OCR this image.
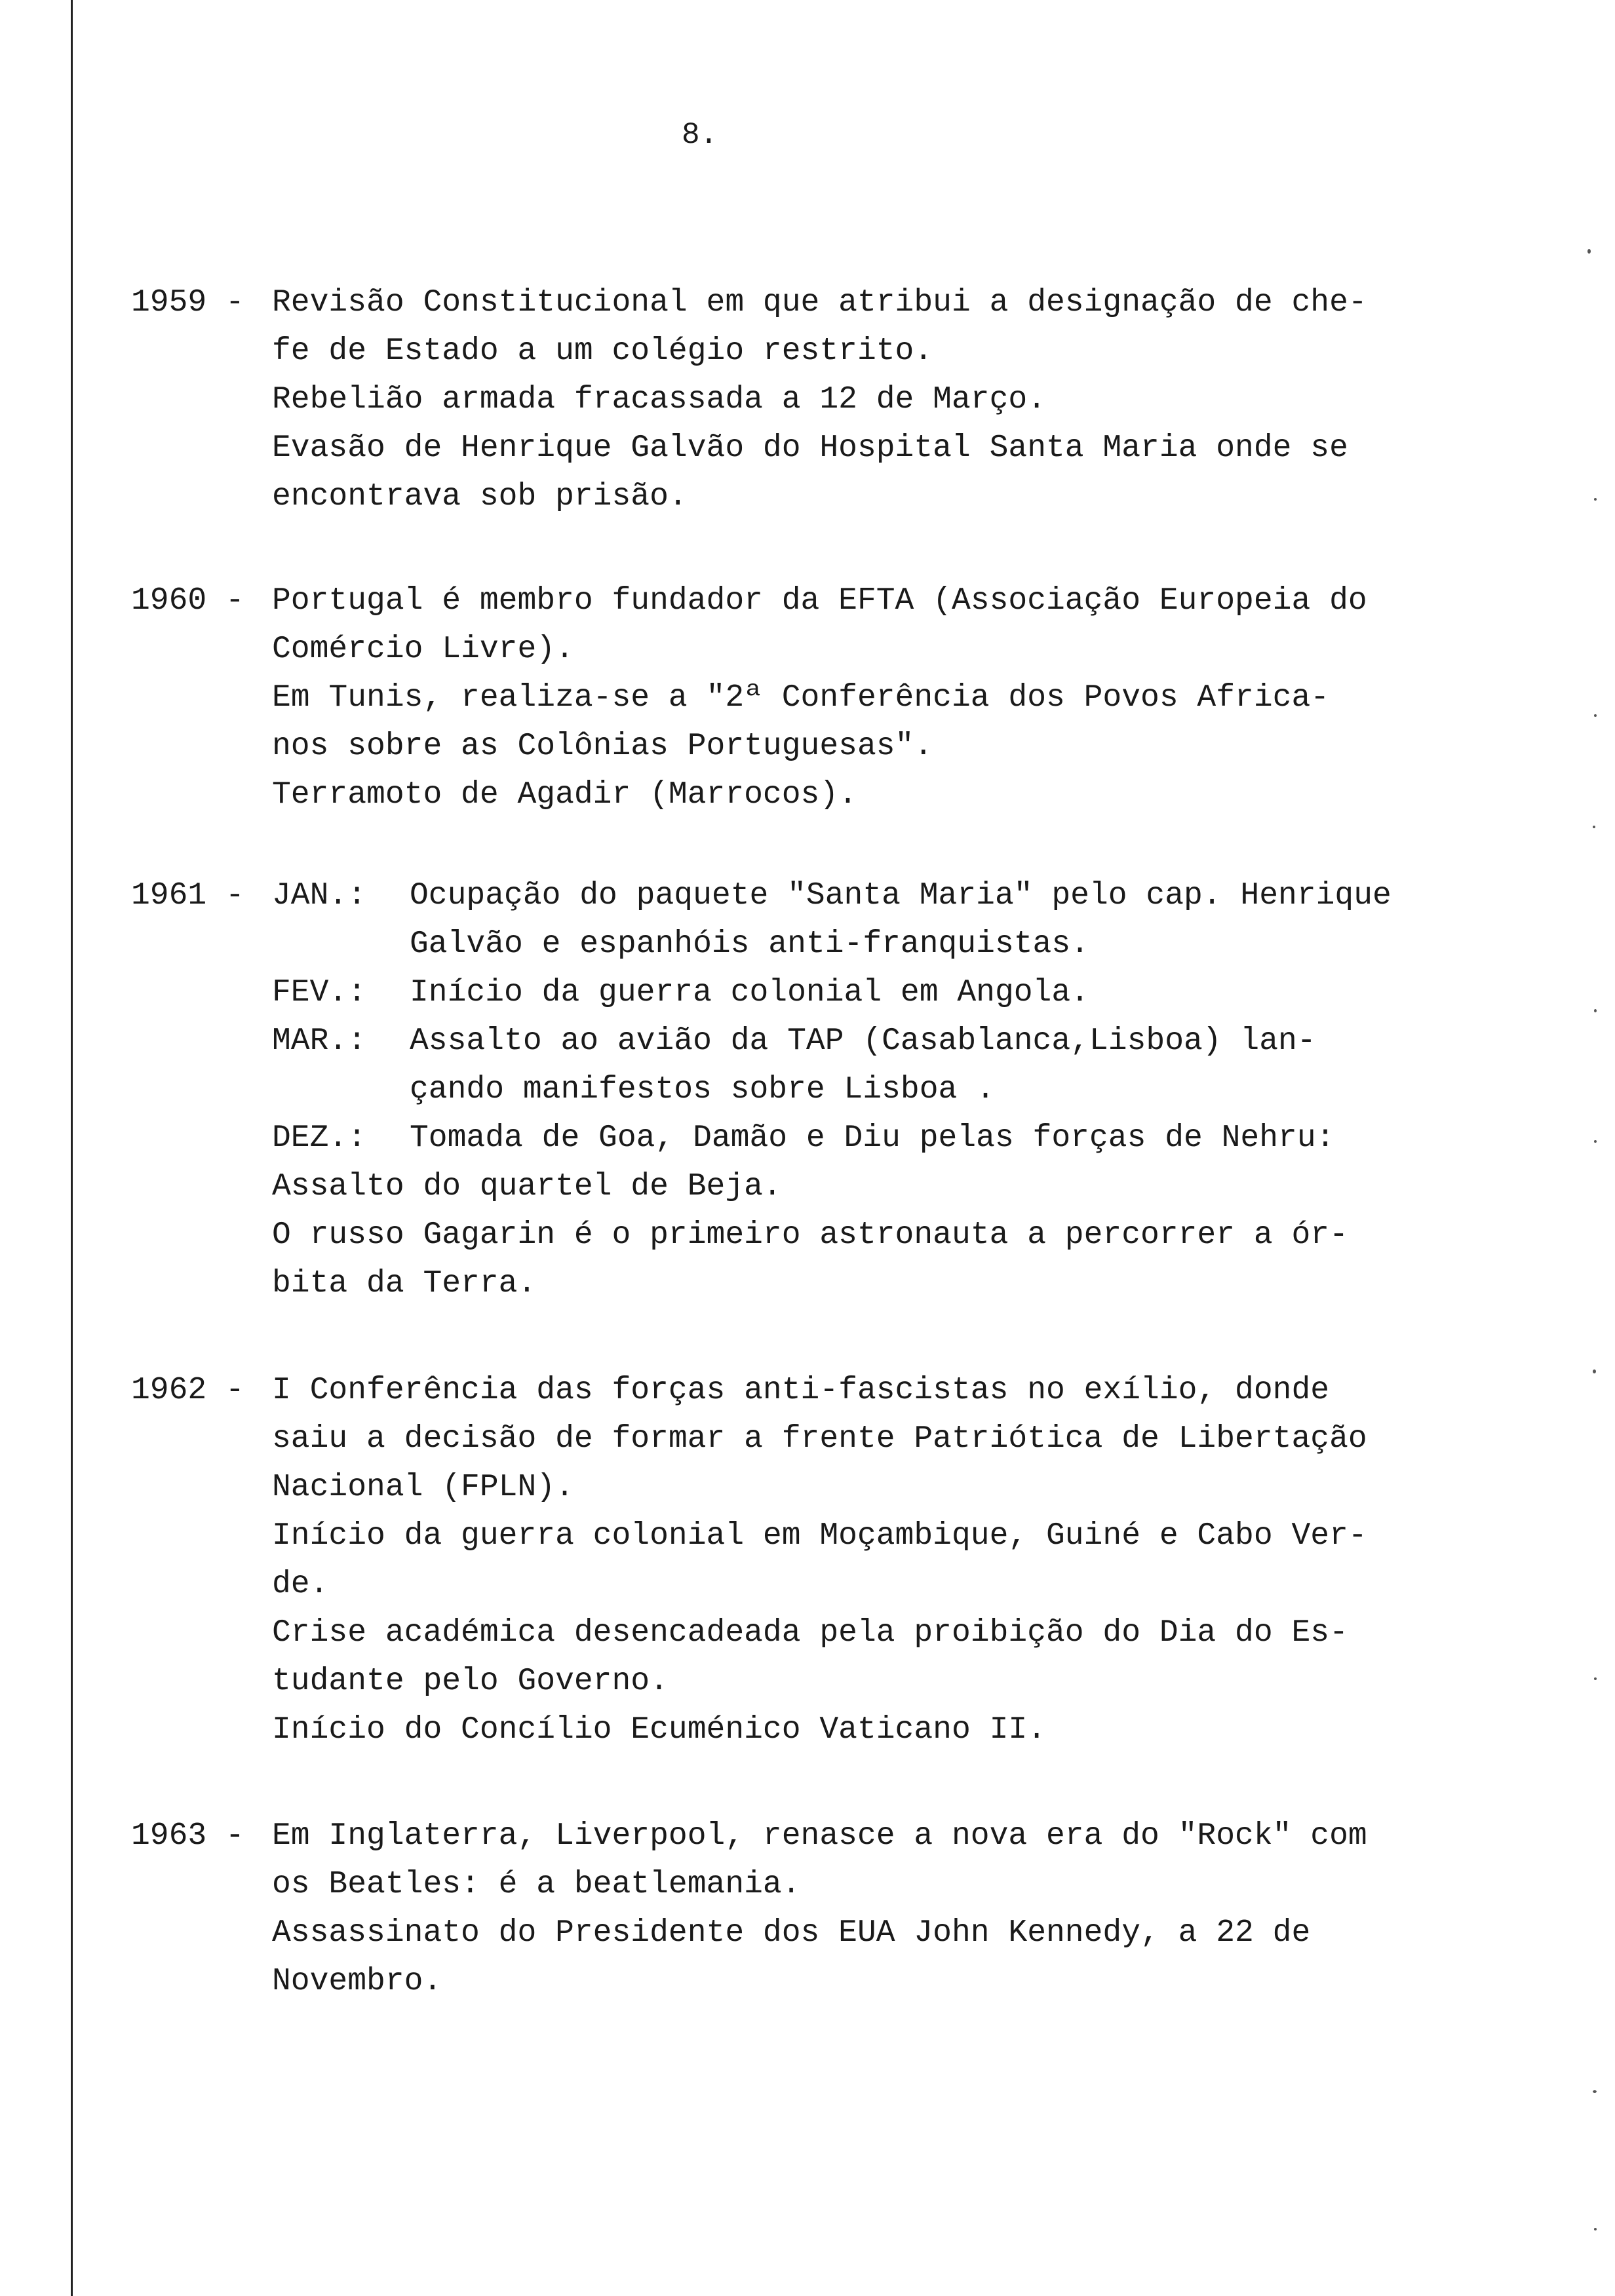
8.
1959 - Revisão Constitucional em que atribui a designação de che-
fe de Estado a um colégio restrito.
Rebelião armada fracassada a 12 de Março.
Evasão de Henrique Galvão do Hospital Santa Maria onde se
encontrava sob prisão.
1960 - Portugal é membro fundador da EFTA (Associação Europeia do
Comércio Livre).
Em Tunis, realiza-se a "2ª Conferência dos Povos Africa-
nos sobre as Colônias Portuguesas".
Terramoto de Agadir (Marrocos).
1961 - JAN.: Ocupação do paquete "Santa Maria" pelo cap. Henrique
Galvão e espanhóis anti-franquistas.
FEV.: Início da guerra colonial em Angola.
MAR.: Assalto ao avião da TAP (Casablanca,Lisboa) lan-
çando manifestos sobre Lisboa .
DEZ.: Tomada de Goa, Damão e Diu pelas forças de Nehru:
Assalto do quartel de Beja.
O russo Gagarin é o primeiro astronauta a percorrer a ór-
bita da Terra.
1962 - I Conferência das forças anti-fascistas no exílio, donde
saiu a decisão de formar a frente Patriótica de Libertação
Nacional (FPLN).
Início da guerra colonial em Moçambique, Guiné e Cabo Ver-
de.
Crise académica desencadeada pela proibição do Dia do Es-
tudante pelo Governo.
Início do Concílio Ecuménico Vaticano II.
1963 - Em Inglaterra, Liverpool, renasce a nova era do "Rock" com
os Beatles: é a beatlemania.
Assassinato do Presidente dos EUA John Kennedy, a 22 de
Novembro.
